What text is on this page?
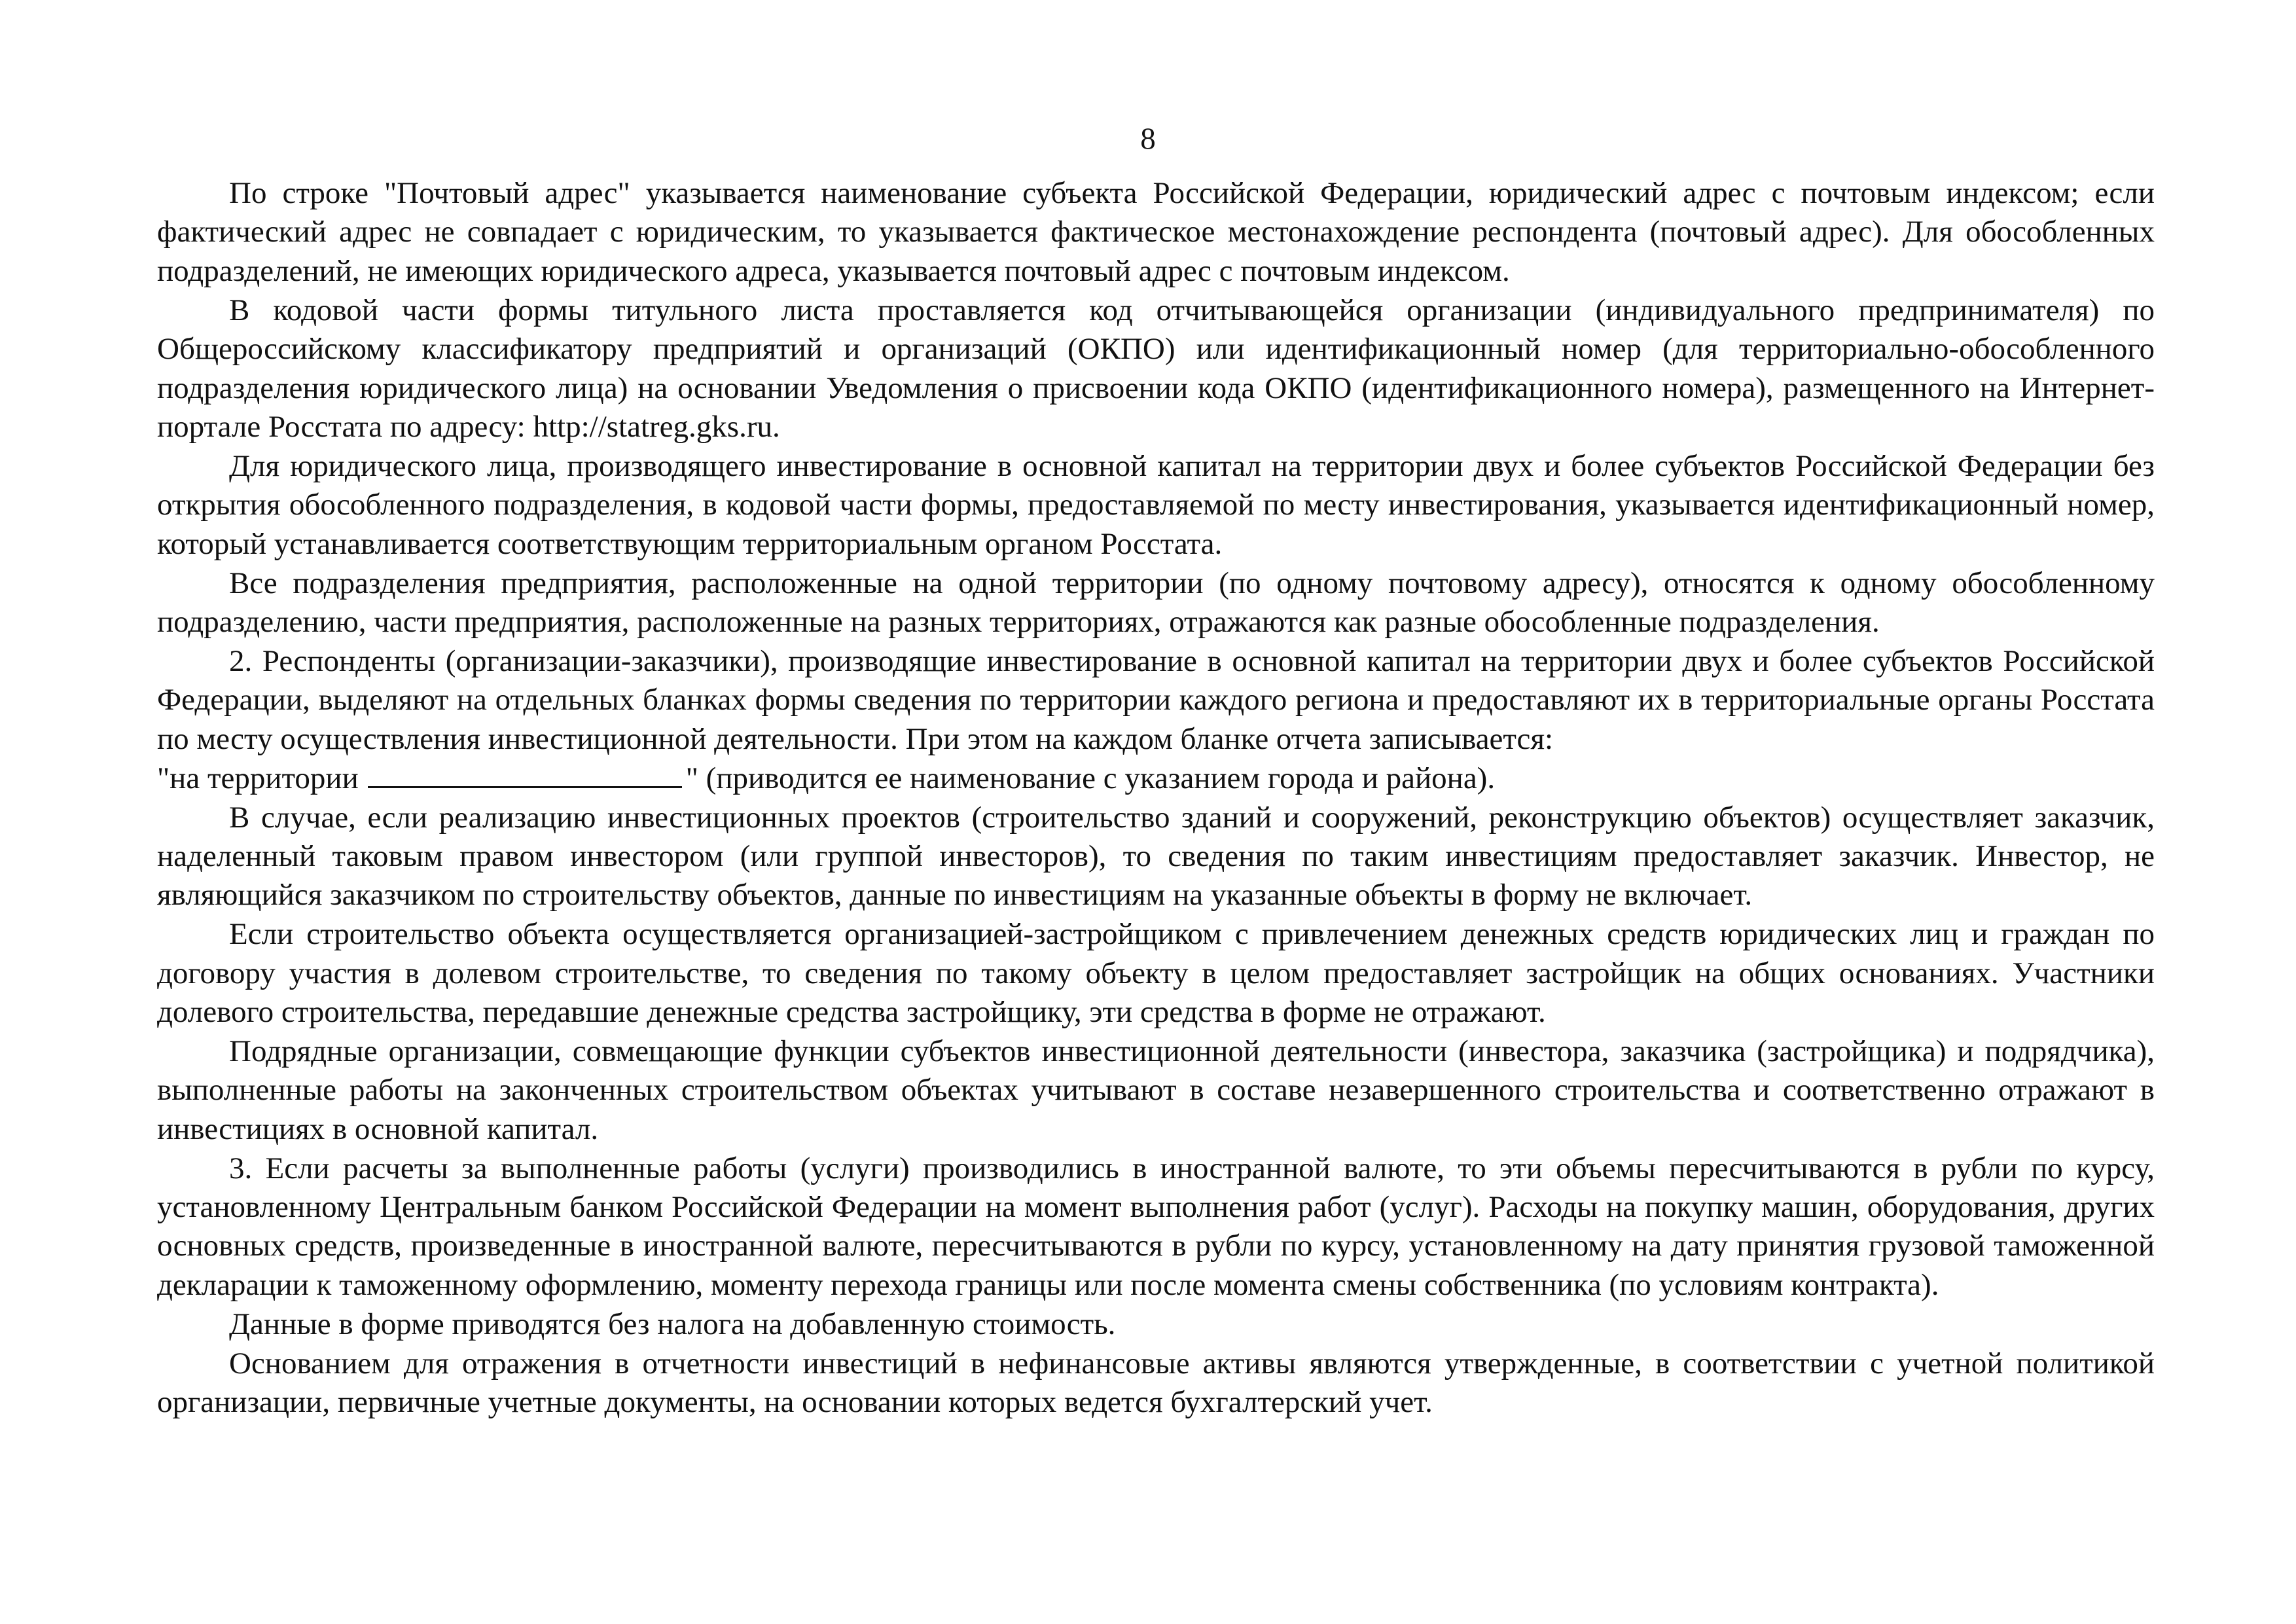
8

По строке "Почтовый адрес" указывается наименование субъекта Российской Федерации, юридический адрес с почтовым индексом; если фактический адрес не совпадает с юридическим, то указывается фактическое местонахождение респондента (почтовый адрес). Для обособленных подразделений, не имеющих юридического адреса, указывается почтовый адрес с почтовым индексом.

В кодовой части формы титульного листа проставляется код отчитывающейся организации (индивидуального предпринимателя) по Общероссийскому классификатору предприятий и организаций (ОКПО) или идентификационный номер (для территориально-обособленного подразделения юридического лица) на основании Уведомления о присвоении кода ОКПО (идентификационного номера), размещенного на Интернет-портале Росстата по адресу: http://statreg.gks.ru.

Для юридического лица, производящего инвестирование в основной капитал на территории двух и более субъектов Российской Федерации без открытия обособленного подразделения, в кодовой части формы, предоставляемой по месту инвестирования, указывается идентификационный номер, который устанавливается соответствующим территориальным органом Росстата.

Все подразделения предприятия, расположенные на одной территории (по одному почтовому адресу), относятся к одному обособленному подразделению, части предприятия, расположенные на разных территориях, отражаются как разные обособленные подразделения.

2. Респонденты (организации-заказчики), производящие инвестирование в основной капитал на территории двух и более субъектов Российской Федерации, выделяют на отдельных бланках формы сведения по территории каждого региона и предоставляют их в территориальные органы Росстата по месту осуществления инвестиционной деятельности. При этом на каждом бланке отчета записывается:

"на территории	" (приводится ее наименование с указанием города и района).

В случае, если реализацию инвестиционных проектов (строительство зданий и сооружений, реконструкцию объектов) осуществляет заказчик, наделенный таковым правом инвестором (или группой инвесторов), то сведения по таким инвестициям предоставляет заказчик. Инвестор, не являющийся заказчиком по строительству объектов, данные по инвестициям на указанные объекты в форму не включает.

Если строительство объекта осуществляется организацией-застройщиком с привлечением денежных средств юридических лиц и граждан по договору участия в долевом строительстве, то сведения по такому объекту в целом предоставляет застройщик на общих основаниях. Участники долевого строительства, передавшие денежные средства застройщику, эти средства в форме не отражают.

Подрядные организации, совмещающие функции субъектов инвестиционной деятельности (инвестора, заказчика (застройщика) и подрядчика), выполненные работы на законченных строительством объектах учитывают в составе незавершенного строительства и соответственно отражают в инвестициях в основной капитал.

3. Если расчеты за выполненные работы (услуги) производились в иностранной валюте, то эти объемы пересчитываются в рубли по курсу, установленному Центральным банком Российской Федерации на момент выполнения работ (услуг). Расходы на покупку машин, оборудования, других основных средств, произведенные в иностранной валюте, пересчитываются в рубли по курсу, установленному на дату принятия грузовой таможенной декларации к таможенному оформлению, моменту перехода границы или после момента смены собственника (по условиям контракта).

Данные в форме приводятся без налога на добавленную стоимость.

Основанием для отражения в отчетности инвестиций в нефинансовые активы являются утвержденные, в соответствии с учетной политикой организации, первичные учетные документы, на основании которых ведется бухгалтерский учет.
